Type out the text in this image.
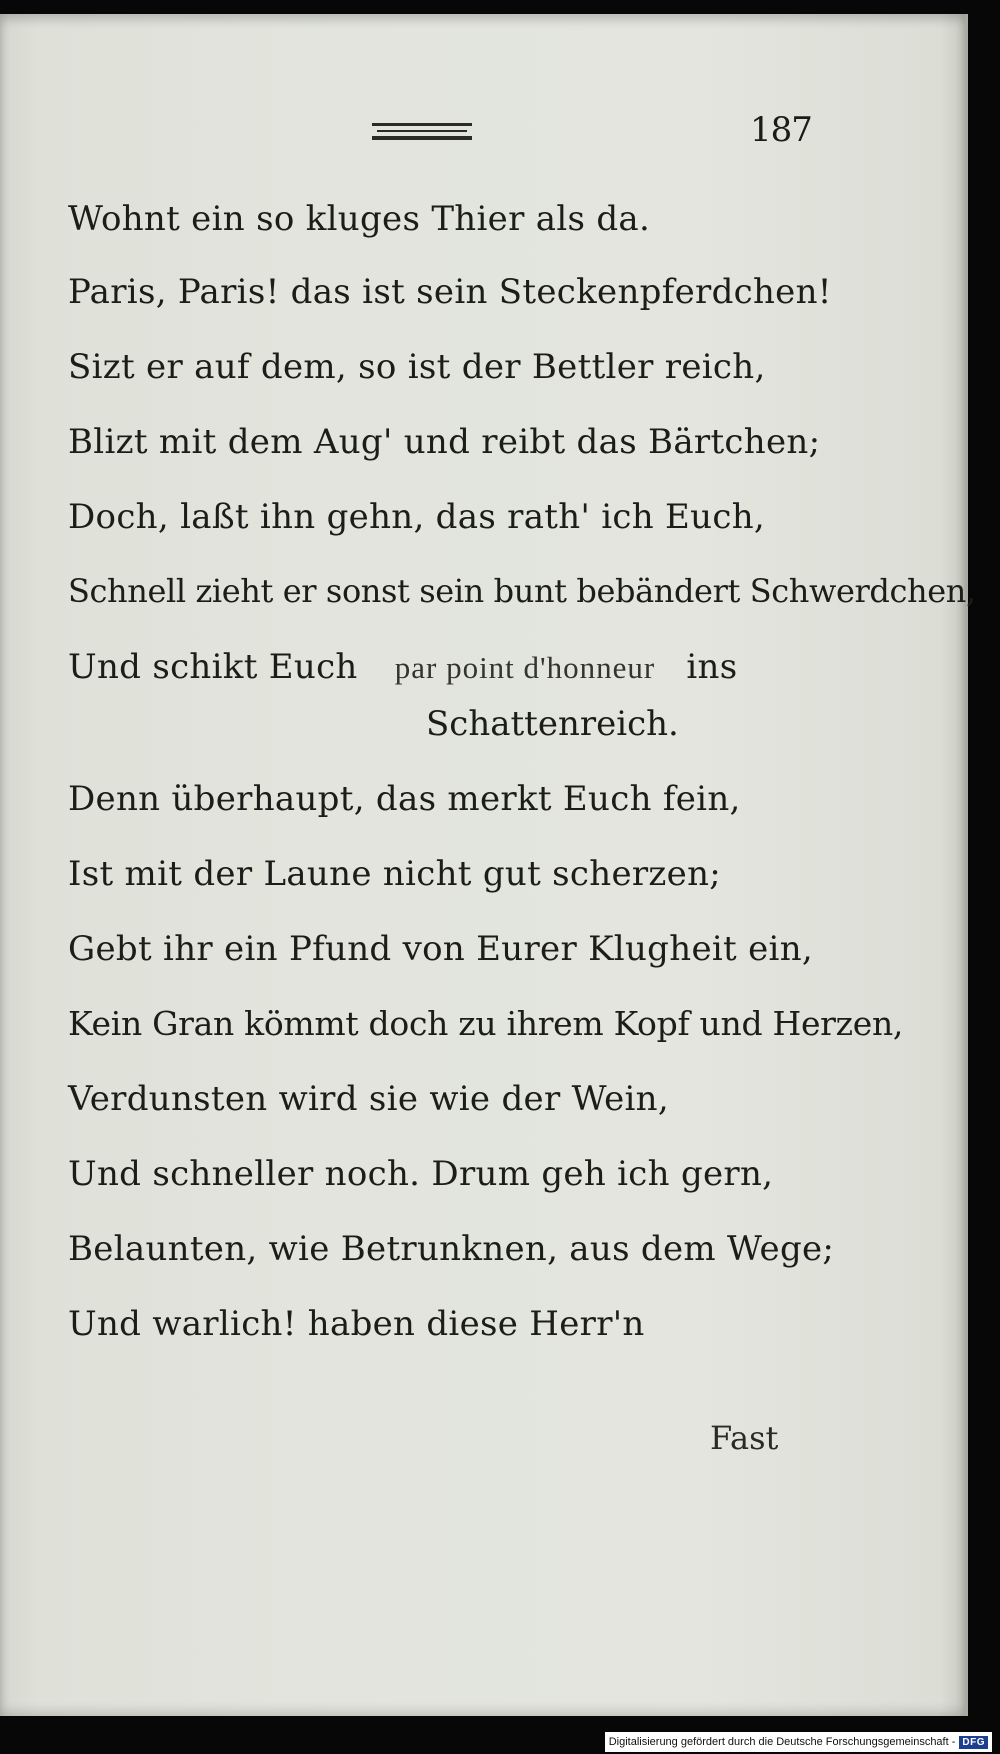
187
Wohnt ein so kluges Thier als da.
Paris, Paris! das ist sein Steckenpferdchen!
Sizt er auf dem, so ist der Bettler reich,
Blizt mit dem Aug' und reibt das Bärtchen;
Doch, laßt ihn gehn, das rath' ich Euch,
Schnell zieht er sonst sein bunt bebändert Schwerdchen,
Und schikt Euch par point d'honneur ins
Schattenreich.
Denn überhaupt, das merkt Euch fein,
Ist mit der Laune nicht gut scherzen;
Gebt ihr ein Pfund von Eurer Klugheit ein,
Kein Gran kömmt doch zu ihrem Kopf und Herzen,
Verdunsten wird sie wie der Wein,
Und schneller noch. Drum geh ich gern,
Belaunten, wie Betrunknen, aus dem Wege;
Und warlich! haben diese Herr'n
Fast
Digitalisierung gefördert durch die Deutsche Forschungsgemeinschaft - DFG
